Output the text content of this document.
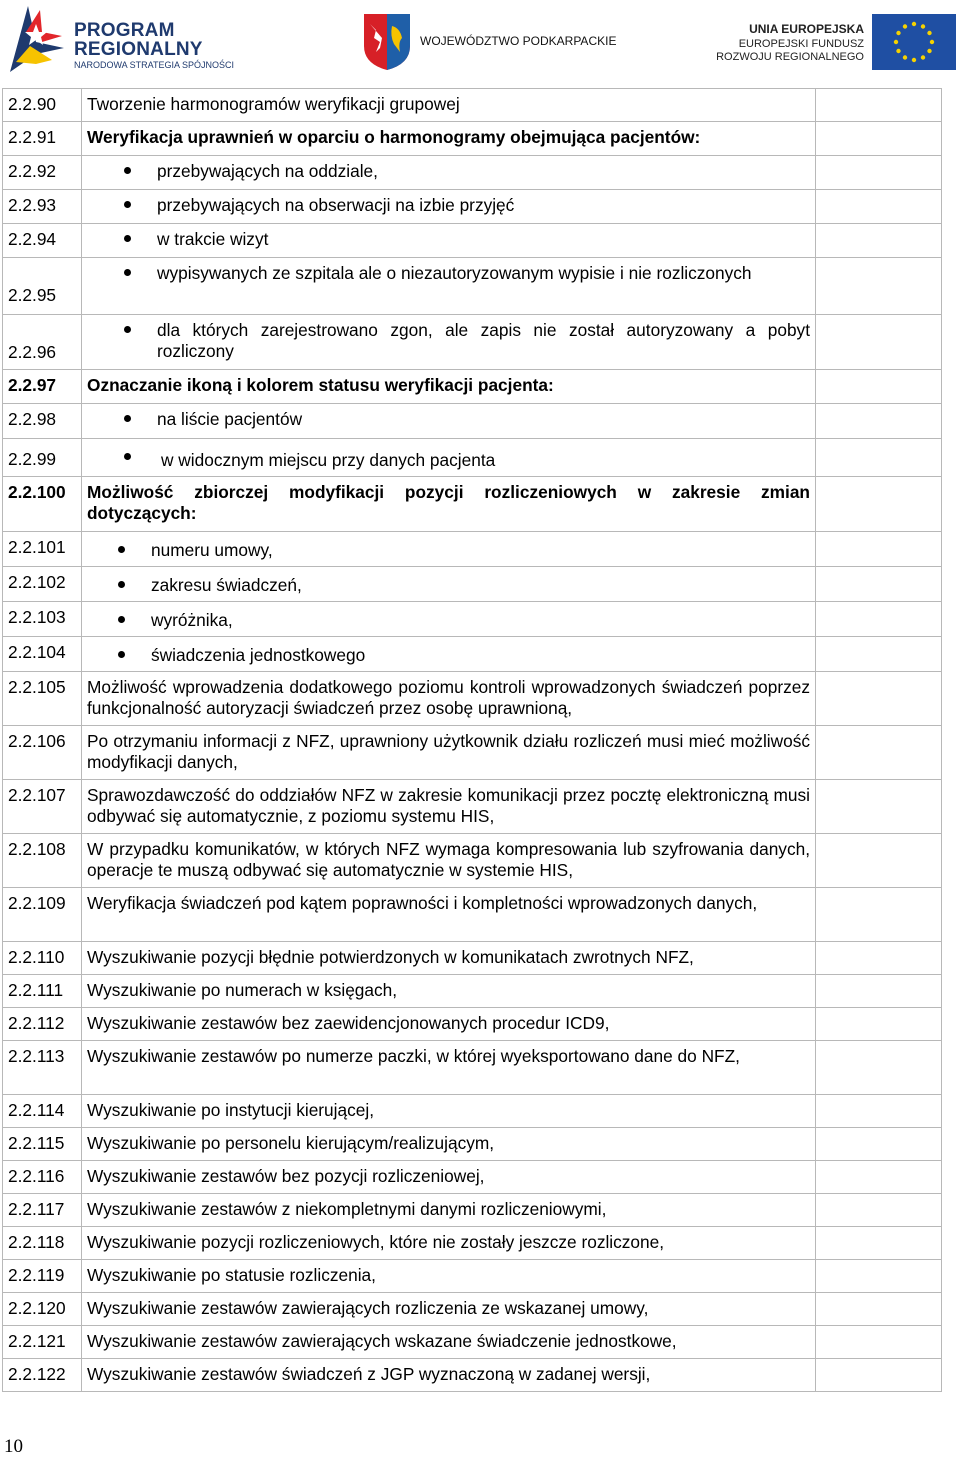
PROGRAM
REGIONALNY
NARODOWA STRATEGIA SPÓJNOŚCI
WOJEWÓDZTWO PODKARPACKIE
UNIA EUROPEJSKA
EUROPEJSKI FUNDUSZ
ROZWOJU REGIONALNEGO
2.2.90	Tworzenie harmonogramów weryfikacji grupowej	
2.2.91	Weryfikacja uprawnień w oparciu o harmonogramy obejmująca pacjentów:	
2.2.92	przebywających na oddziale,	

2.2.93	przebywających na obserwacji na izbie przyjęć	

2.2.94	w trakcie wizyt	

2.2.95	wypisywanych ze szpitala ale o niezautoryzowanym wypisie i nie rozliczonych	

2.2.96	dla których zarejestrowano zgon, ale zapis nie został autoryzowany a pobyt rozliczony	

2.2.97	Oznaczanie ikoną i kolorem statusu weryfikacji pacjenta:	
2.2.98	na liście pacjentów	

2.2.99	w widocznym miejscu przy danych pacjenta	

2.2.100	Możliwość zbiorczej modyfikacji pozycji rozliczeniowych w zakresie zmian dotyczących:	
2.2.101	numeru umowy,	

2.2.102	zakresu świadczeń,	

2.2.103	wyróżnika,	

2.2.104	świadczenia jednostkowego	

2.2.105	Możliwość wprowadzenia dodatkowego poziomu kontroli wprowadzonych świadczeń poprzez funkcjonalność autoryzacji świadczeń przez osobę uprawnioną,	
2.2.106	Po otrzymaniu informacji z NFZ, uprawniony użytkownik działu rozliczeń musi mieć możliwość modyfikacji danych,	
2.2.107	Sprawozdawczość do oddziałów NFZ w zakresie komunikacji przez pocztę elektroniczną musi odbywać się automatycznie, z poziomu systemu HIS,	
2.2.108	W przypadku komunikatów, w których NFZ wymaga kompresowania lub szyfrowania danych, operacje te muszą odbywać się automatycznie w systemie HIS,	
2.2.109	Weryfikacja świadczeń pod kątem poprawności i kompletności wprowadzonych danych,	
2.2.110	Wyszukiwanie pozycji błędnie potwierdzonych w komunikatach zwrotnych NFZ,	
2.2.111	Wyszukiwanie po numerach w księgach,	
2.2.112	Wyszukiwanie zestawów bez zaewidencjonowanych procedur ICD9,	
2.2.113	Wyszukiwanie zestawów po numerze paczki, w której wyeksportowano dane do NFZ,	
2.2.114	Wyszukiwanie po instytucji kierującej,	
2.2.115	Wyszukiwanie po personelu kierującym/realizującym,	
2.2.116	Wyszukiwanie zestawów bez pozycji rozliczeniowej,	
2.2.117	Wyszukiwanie zestawów z niekompletnymi danymi rozliczeniowymi,	
2.2.118	Wyszukiwanie pozycji rozliczeniowych, które nie zostały jeszcze rozliczone,	
2.2.119	Wyszukiwanie po statusie rozliczenia,	
2.2.120	Wyszukiwanie zestawów zawierających rozliczenia ze wskazanej umowy,	
2.2.121	Wyszukiwanie zestawów zawierających wskazane świadczenie jednostkowe,	
2.2.122	Wyszukiwanie zestawów świadczeń z JGP wyznaczoną w zadanej wersji,	
10
